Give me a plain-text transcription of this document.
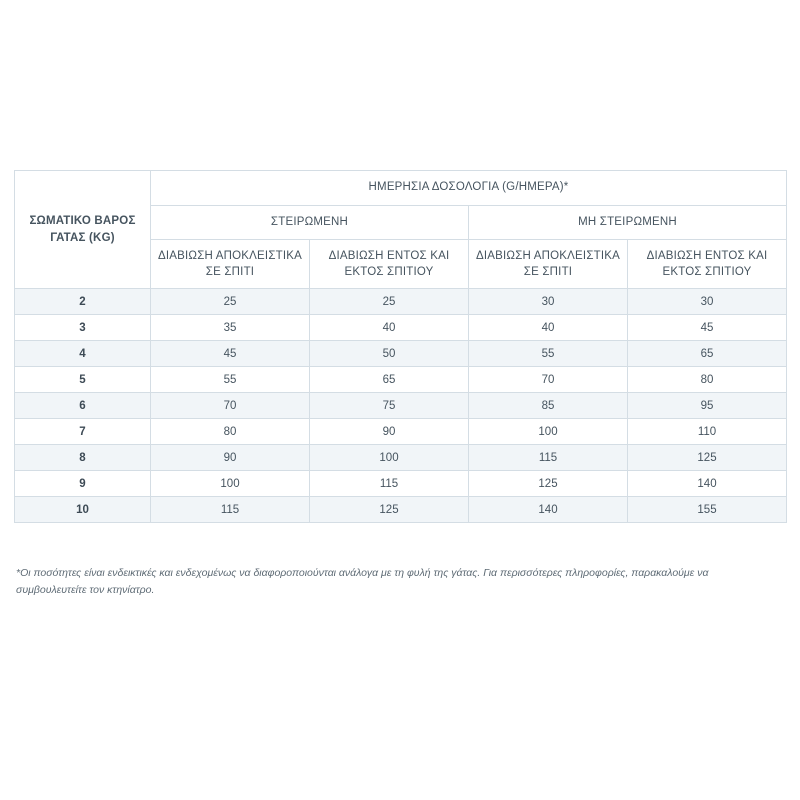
ΣΩΜΑΤΙΚΟ ΒΑΡΟΣ ΓΑΤΑΣ (KG)	ΗΜΕΡΗΣΙΑ ΔΟΣΟΛΟΓΙΑ (G/ΗΜΕΡΑ)*			
	ΣΤΕΙΡΩΜΕΝΗ		ΜΗ ΣΤΕΙΡΩΜΕΝΗ	
	ΔΙΑΒΙΩΣΗ ΑΠΟΚΛΕΙΣΤΙΚΑ ΣΕ ΣΠΙΤΙ	ΔΙΑΒΙΩΣΗ ΕΝΤΟΣ ΚΑΙ ΕΚΤΟΣ ΣΠΙΤΙΟΥ	ΔΙΑΒΙΩΣΗ ΑΠΟΚΛΕΙΣΤΙΚΑ ΣΕ ΣΠΙΤΙ	ΔΙΑΒΙΩΣΗ ΕΝΤΟΣ ΚΑΙ ΕΚΤΟΣ ΣΠΙΤΙΟΥ
2	25	25	30	30
3	35	40	40	45
4	45	50	55	65
5	55	65	70	80
6	70	75	85	95
7	80	90	100	110
8	90	100	115	125
9	100	115	125	140
10	115	125	140	155
*Οι ποσότητες είναι ενδεικτικές και ενδεχομένως να διαφοροποιούνται ανάλογα με τη φυλή της γάτας. Για περισσότερες πληροφορίες, παρακαλούμε να συμβουλευτείτε τον κτηνίατρο.
